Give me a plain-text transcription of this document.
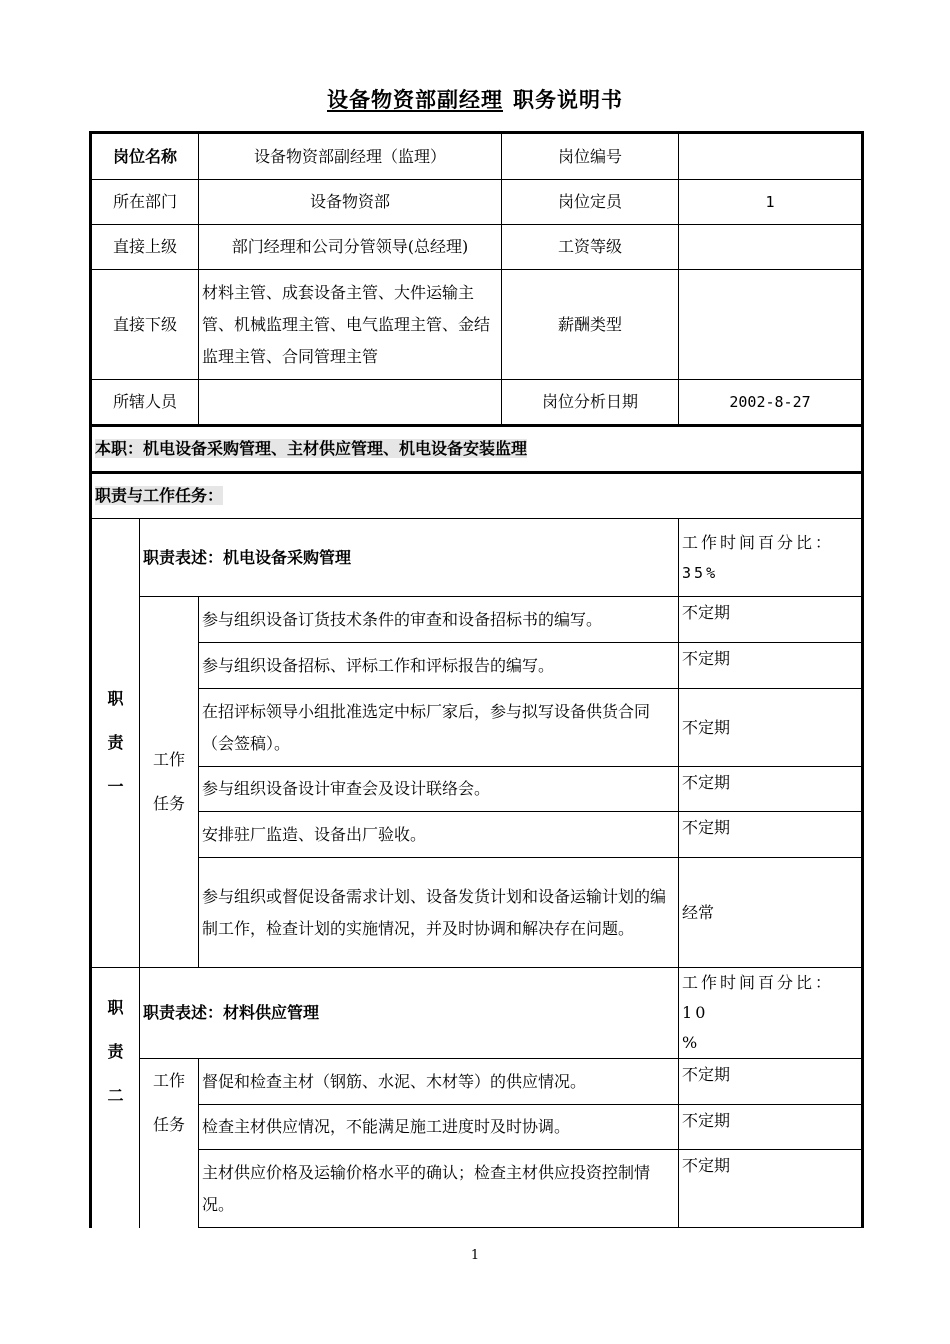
设备物资部副经理 职务说明书
岗位名称		设备物资部副经理（监理）	岗位编号	
所在部门		设备物资部	岗位定员	1
直接上级		部门经理和公司分管领导(总经理)	工资等级	
直接下级		材料主管、成套设备主管、大件运输主管、机械监理主管、电气监理主管、金结监理主管、合同管理主管	薪酬类型	
所辖人员			岗位分析日期	2002-8-27
本职：机电设备采购管理、主材供应管理、机电设备安装监理				
职责与工作任务：				

职
责
一	职责表述：机电设备采购管理			工作时间百分比：
35%

	工作
任务	参与组织设备订货技术条件的审查和设备招标书的编写。		不定期
		参与组织设备招标、评标工作和评标报告的编写。		不定期
		在招评标领导小组批准选定中标厂家后，参与拟写设备供货合同（会签稿）。		不定期
		参与组织设备设计审查会及设计联络会。		不定期
		安排驻厂监造、设备出厂验收。		不定期
		参与组织或督促设备需求计划、设备发货计划和设备运输计划的编制工作，检查计划的实施情况，并及时协调和解决存在问题。		经常

职
责
二	职责表述：材料供应管理			工作时间百分比：10
%

	工作
任务	督促和检查主材（钢筋、水泥、木材等）的供应情况。		不定期
		检查主材供应情况，不能满足施工进度时及时协调。		不定期
		主材供应价格及运输价格水平的确认；检查主材供应投资控制情况。		不定期
1
